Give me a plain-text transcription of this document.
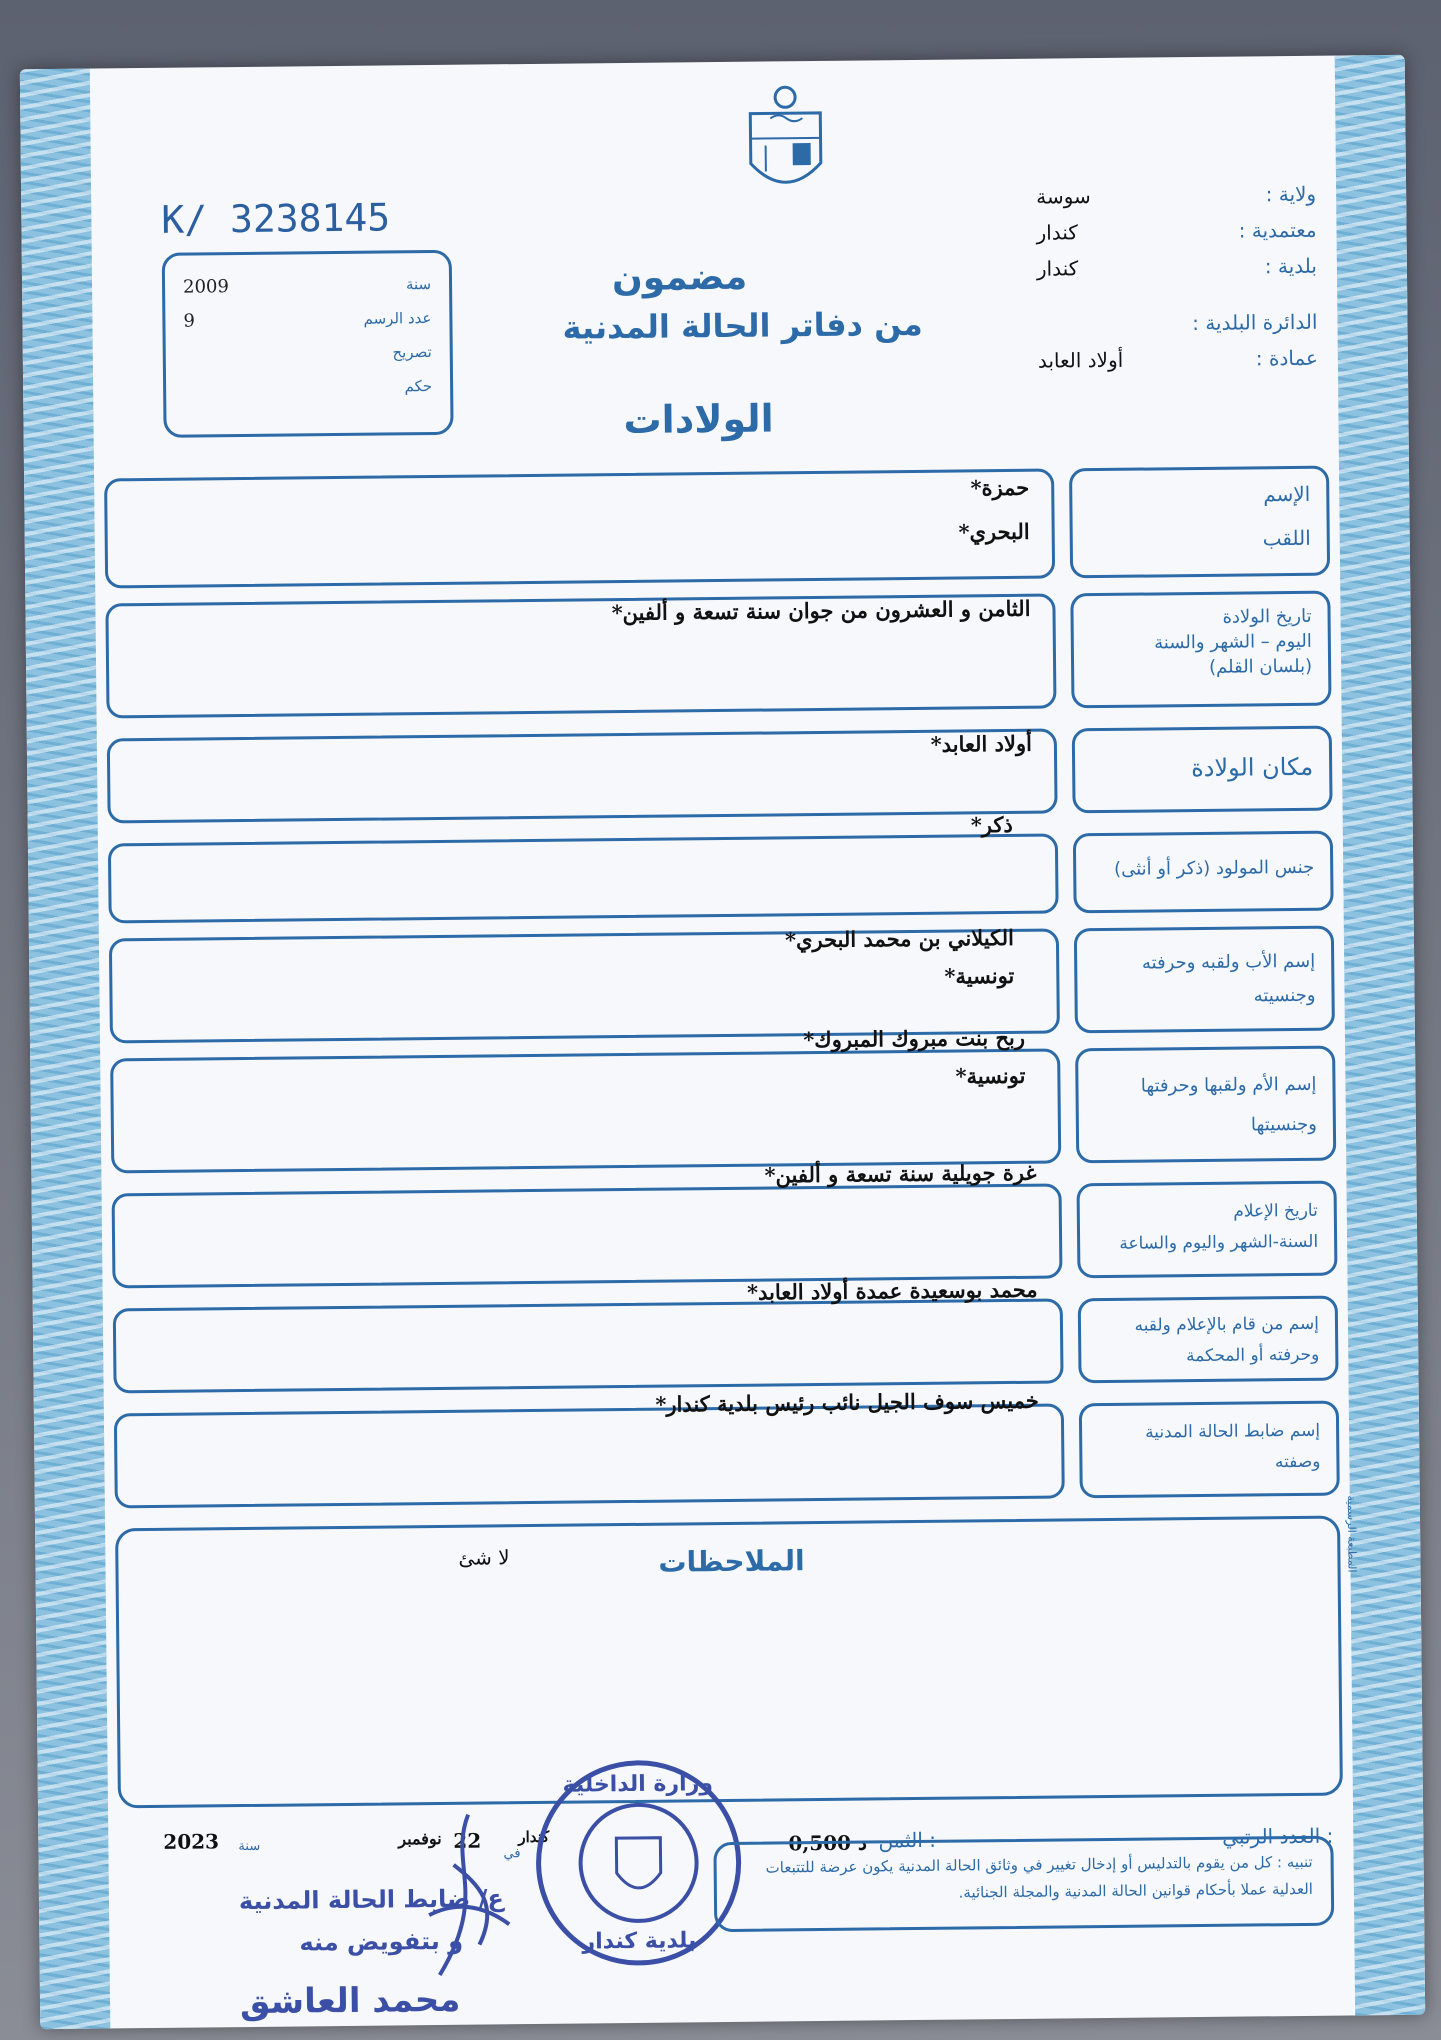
ولاية :
سوسة
معتمدية :
كندار
بلدية :
كندار
الدائرة البلدية :
عمادة :
أولاد العابد
K/ 3238145
سنة
2009
عدد الرسم
9
تصريح
حكم
مضمون
من دفاتر الحالة المدنية
الولادات
الإسم
اللقب
حمزة*
البحري*
تاريخ الولادة
اليوم – الشهر والسنة
(بلسان القلم)
الثامن و العشرون من جوان سنة تسعة و ألفين*
مكان الولادة
أولاد العابد*
جنس المولود (ذكر أو أنثى)
ذكر*
إسم الأب ولقبه وحرفته
وجنسيته
الكيلاني بن محمد البحري*
تونسية*
إسم الأم ولقبها وحرفتها
وجنسيتها
ربح بنت مبروك المبروك*
تونسية*
تاريخ الإعلام
السنة-الشهر واليوم والساعة
غرة جويلية سنة تسعة و ألفين*
إسم من قام بالإعلام ولقبه
وحرفته أو المحكمة
محمد بوسعيدة عمدة أولاد العابد*
إسم ضابط الحالة المدنية
وصفته
خميس سوف الجيل نائب رئيس بلدية كندار*
الملاحظات
لا شئ
العدد الرتبي :
الثمن :
0,500 د
كندار
في
22
نوفمبر
سنة
2023
ع/ ضابط الحالة المدنية
و بتفويض منه
محمد العاشق
وزارة الداخلية
بلدية كندار
تنبيه : كل من يقوم بالتدليس أو إدخال تغيير في وثائق الحالة المدنية يكون عرضة للتتبعات العدلية عملا بأحكام قوانين الحالة المدنية والمجلة الجنائية.
المطبعة الرسمية
